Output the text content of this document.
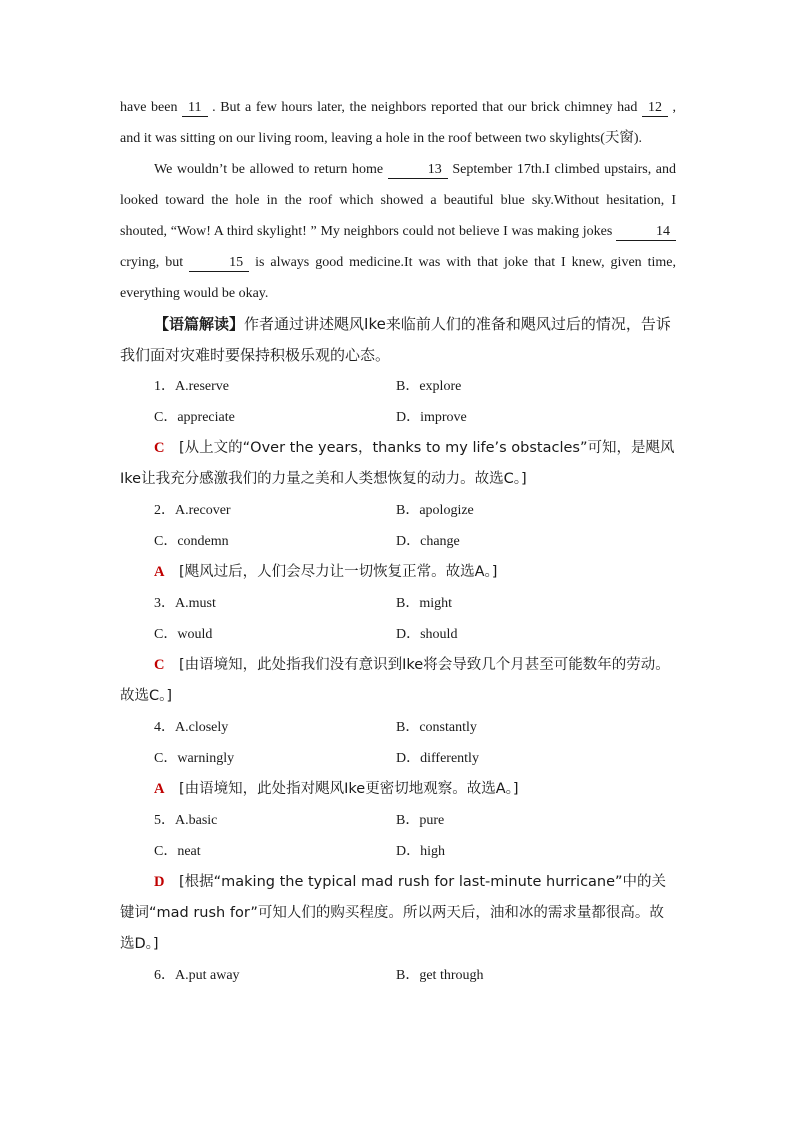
have been 11 . But a few hours later, the neighbors reported that our brick chimney had 12 , and it was sitting on our living room, leaving a hole in the roof between two skylights(天窗).

We wouldn’t be allowed to return home	13 September 17th.I climbed upstairs, and looked toward the hole in the roof which showed a beautiful blue sky.Without hesitation, I shouted, “Wow! A third skylight! ” My neighbors could not believe I was making jokes	14 crying, but	15 is always good medicine.It was with that joke that I knew, given time, everything would be okay.

【语篇解读】作者通过讲述飓风Ike来临前人们的准备和飓风过后的情况，告诉我们面对灾难时要保持积极乐观的心态。

1．A.reserve	B．explore
C．appreciate	D．improve

C　 [从上文的“Over the years，thanks to my life’s obstacles”可知，是飓风Ike让我充分感激我们的力量之美和人类想恢复的动力。故选C。]

2．A.recover	B．apologize
C．condemn	D．change

A　 [飓风过后，人们会尽力让一切恢复正常。故选A。]

3．A.must	B．might
C．would	D．should

C　 [由语境知，此处指我们没有意识到Ike将会导致几个月甚至可能数年的劳动。故选C。]

4．A.closely	B．constantly
C．warningly	D．differently

A　 [由语境知，此处指对飓风Ike更密切地观察。故选A。]

5．A.basic	B．pure
C．neat	D．high

D　 [根据“making the typical mad rush for last-minute hurricane”中的关键词“mad rush for”可知人们的购买程度。所以两天后，油和冰的需求量都很高。故选D。]

6．A.put away	B．get through
